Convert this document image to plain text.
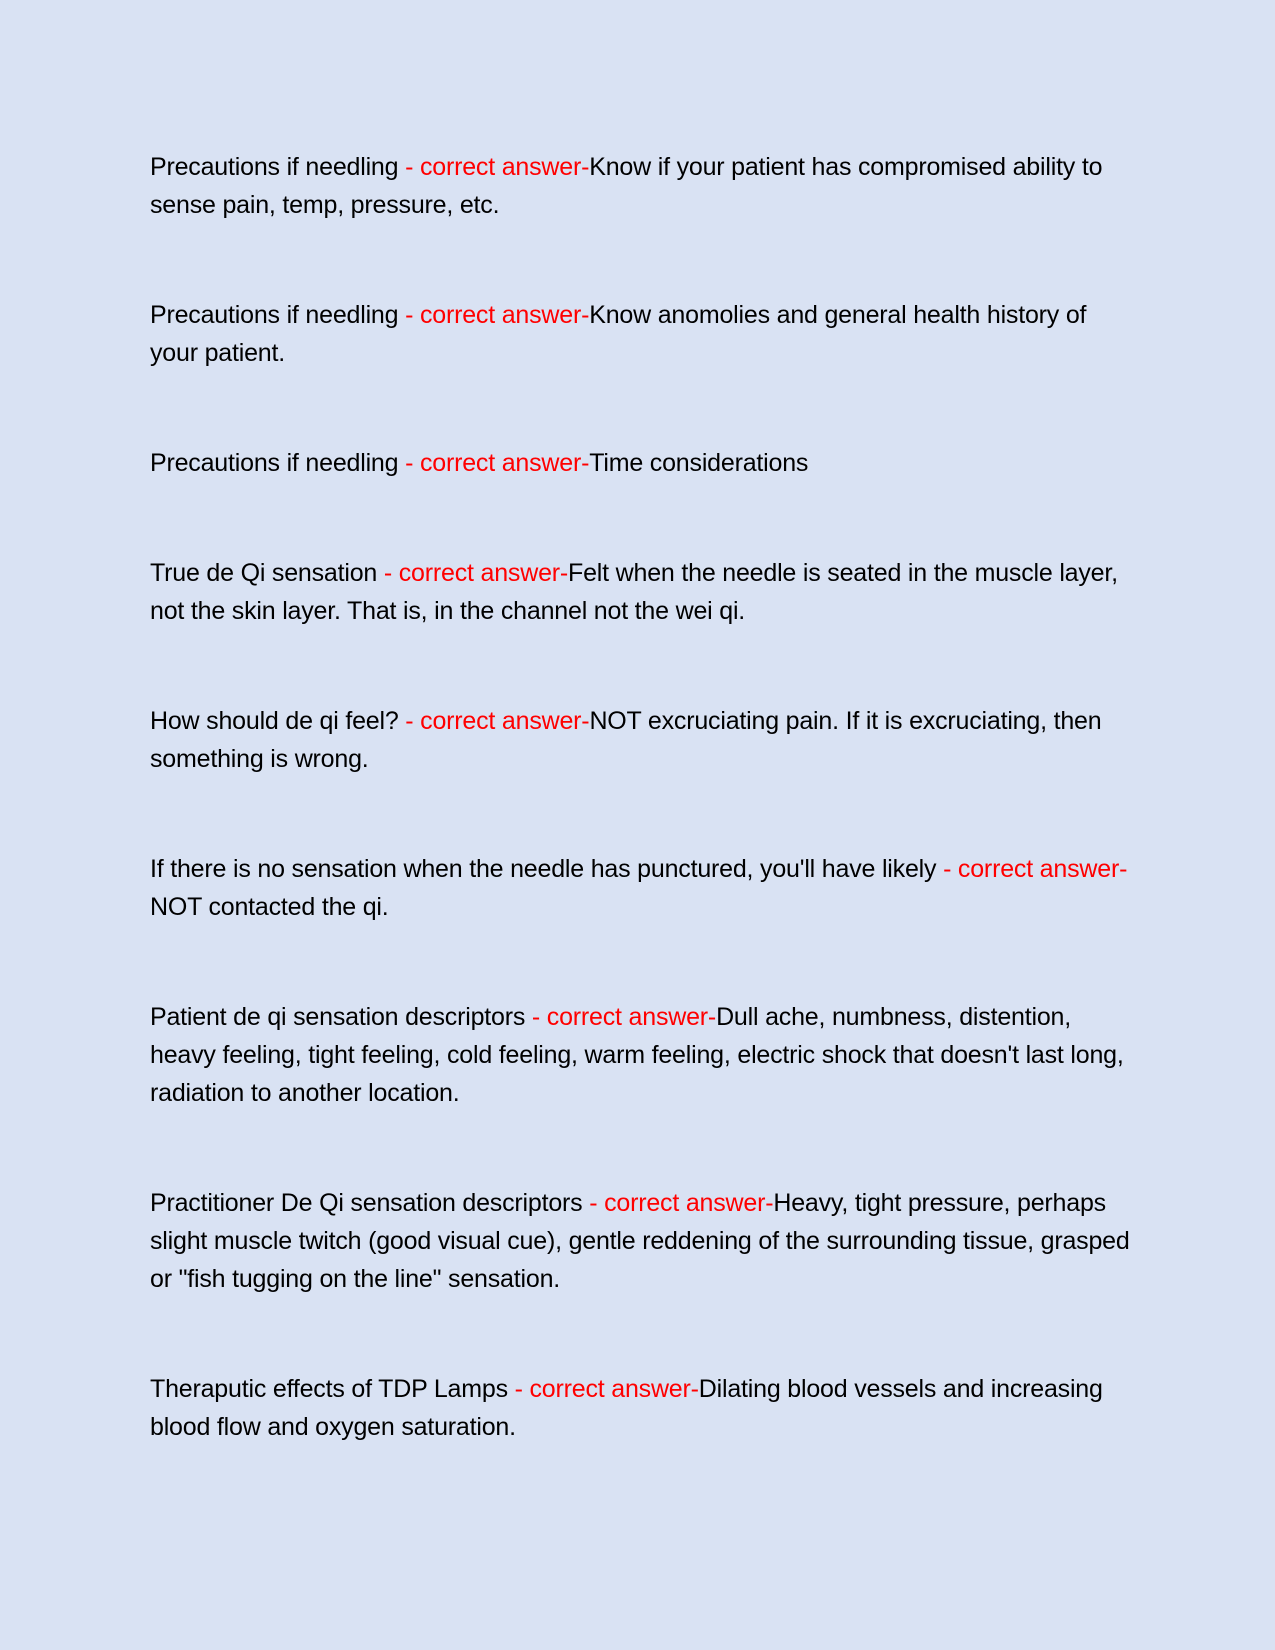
Precautions if needling - correct answer-Know if your patient has compromised ability to sense pain, temp, pressure, etc.

Precautions if needling - correct answer-Know anomolies and general health history of your patient.

Precautions if needling - correct answer-Time considerations

True de Qi sensation - correct answer-Felt when the needle is seated in the muscle layer, not the skin layer. That is, in the channel not the wei qi.

How should de qi feel? - correct answer-NOT excruciating pain. If it is excruciating, then something is wrong.

If there is no sensation when the needle has punctured, you'll have likely - correct answer-NOT contacted the qi.

Patient de qi sensation descriptors - correct answer-Dull ache, numbness, distention, heavy feeling, tight feeling, cold feeling, warm feeling, electric shock that doesn't last long, radiation to another location.

Practitioner De Qi sensation descriptors - correct answer-Heavy, tight pressure, perhaps slight muscle twitch (good visual cue), gentle reddening of the surrounding tissue, grasped or "fish tugging on the line" sensation.

Theraputic effects of TDP Lamps - correct answer-Dilating blood vessels and increasing blood flow and oxygen saturation.
